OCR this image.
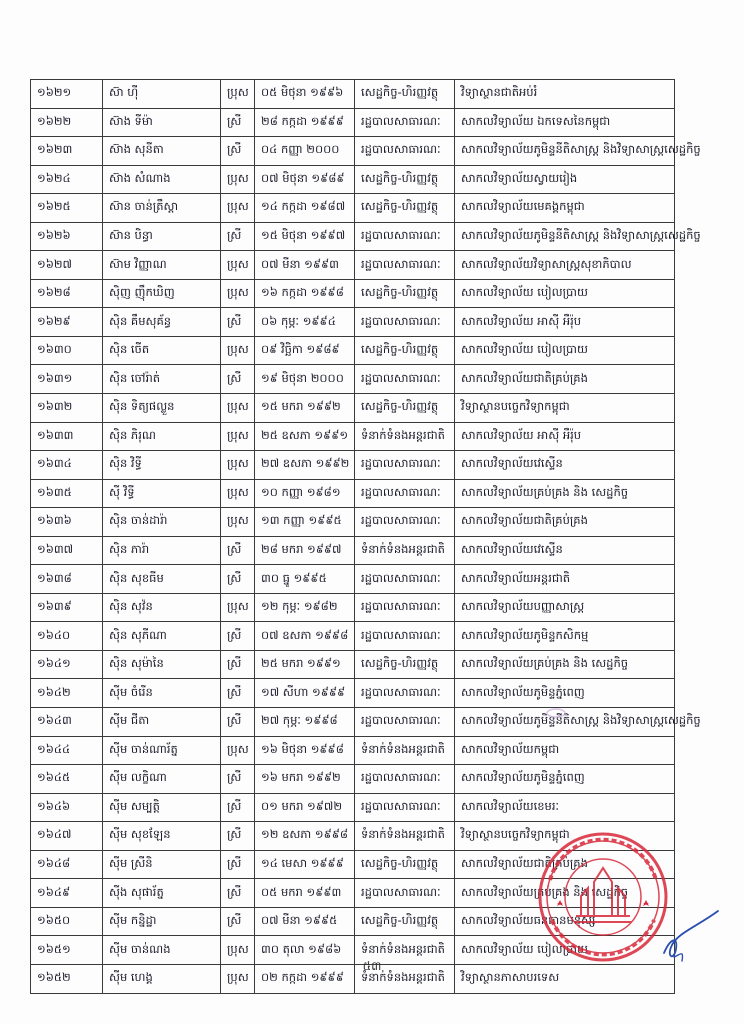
១៦២១	ស៊ា ហ៊ី	ប្រុស	០៥ មិថុនា ១៩៩៦	សេដ្ឋកិច្ច-ហិរញ្ញវត្ថុ	វិទ្យាស្ថានជាតិអប់រំ
១៦២២	ស៊ាង ទីម៉ា	ស្រី	២៨ កក្កដា ១៩៩៩	រដ្ឋបាលសាធារណៈ	សាកលវិទ្យាល័យ ឯកទេសនៃកម្ពុជា
១៦២៣	ស៊ាង សុនីតា	ស្រី	០៤ កញ្ញា ២០០០	រដ្ឋបាលសាធារណៈ	សាកលវិទ្យាល័យភូមិន្ទនីតិសាស្ត្រ និងវិទ្យាសាស្ត្រសេដ្ឋកិច្ច
១៦២៤	ស៊ាង សំណាង	ប្រុស	០៧ មិថុនា ១៩៨៩	សេដ្ឋកិច្ច-ហិរញ្ញវត្ថុ	សាកលវិទ្យាល័យស្វាយរៀង
១៦២៥	ស៊ាន ចាន់ត្រឹស្តា	ប្រុស	១៤ កក្កដា ១៩៨៧	សេដ្ឋកិច្ច-ហិរញ្ញវត្ថុ	សាកលវិទ្យាល័យមេគង្គកម្ពុជា
១៦២៦	ស៊ាន បិន្ធា	ស្រី	១៥ មិថុនា ១៩៩៧	រដ្ឋបាលសាធារណៈ	សាកលវិទ្យាល័យភូមិន្ទនីតិសាស្ត្រ និងវិទ្យាសាស្ត្រសេដ្ឋកិច្ច
១៦២៧	ស៊ាម វិញ្ញាណ	ប្រុស	០៧ មីនា ១៩៩៣	រដ្ឋបាលសាធារណៈ	សាកលវិទ្យាល័យវិទ្យាសាស្ត្រសុខាភិបាល
១៦២៨	ស៊ិញ ញ៉ឹកឃិញ	ប្រុស	១៦ កក្កដា ១៩៩៨	សេដ្ឋកិច្ច-ហិរញ្ញវត្ថុ	សាកលវិទ្យាល័យ បៀលប្រាយ
១៦២៩	ស៊ិន គឹមសុគ័ន្ធ	ស្រី	០៦ កុម្ភៈ ១៩៩៤	រដ្ឋបាលសាធារណៈ	សាកលវិទ្យាល័យ អាស៊ី អឺរ៉ុប
១៦៣០	ស៊ិន ចើត	ប្រុស	០៩ វិច្ឆិកា ១៩៨៩	សេដ្ឋកិច្ច-ហិរញ្ញវត្ថុ	សាកលវិទ្យាល័យ បៀលប្រាយ
១៦៣១	ស៊ិន ចៅរ៉ាត់	ស្រី	១៩ មិថុនា ២០០០	រដ្ឋបាលសាធារណៈ	សាកលវិទ្យាល័យជាតិគ្រប់គ្រង
១៦៣២	ស៊ិន ទិត្យផល្លួន	ប្រុស	១៥ មករា ១៩៩២	សេដ្ឋកិច្ច-ហិរញ្ញវត្ថុ	វិទ្យាស្ថានបច្ចេកវិទ្យាកម្ពុជា
១៦៣៣	ស៊ិន ភិរុណ	ប្រុស	២៥ ឧសភា ១៩៩១	ទំនាក់ទំនងអន្តរជាតិ	សាកលវិទ្យាល័យ អាស៊ី អឺរ៉ុប
១៦៣៤	ស៊ិន វិទ្ធី	ប្រុស	២៧ ឧសភា ១៩៩២	រដ្ឋបាលសាធារណៈ	សាកលវិទ្យាល័យវេស្ទើន
១៦៣៥	ស៊ី វិទ្ធី	ប្រុស	១០ កញ្ញា ១៩៨១	រដ្ឋបាលសាធារណៈ	សាកលវិទ្យាល័យគ្រប់គ្រង និង សេដ្ឋកិច្ច
១៦៣៦	ស៊ិន ចាន់ដារ៉ា	ប្រុស	១៣ កញ្ញា ១៩៩៥	រដ្ឋបាលសាធារណៈ	សាកលវិទ្យាល័យជាតិគ្រប់គ្រង
១៦៣៧	ស៊ិន ភារ៉ា	ស្រី	២៨ មករា ១៩៩៧	ទំនាក់ទំនងអន្តរជាតិ	សាកលវិទ្យាល័យវេស្ទើន
១៦៣៨	ស៊ិន សុខធីម	ស្រី	៣០ ធ្នូ ១៩៩៥	រដ្ឋបាលសាធារណៈ	សាកលវិទ្យាល័យអន្តរជាតិ
១៦៣៩	ស៊ិន សុវ៉ន	ប្រុស	១២ កុម្ភៈ ១៩៨២	រដ្ឋបាលសាធារណៈ	សាកលវិទ្យាល័យបញ្ញាសាស្ត្រ
១៦៤០	ស៊ិន សុភីណា	ស្រី	០៧ ឧសភា ១៩៩៨	រដ្ឋបាលសាធារណៈ	សាកលវិទ្យាល័យភូមិន្ទកសិកម្ម
១៦៤១	ស៊ិន សុម៉ានៃ	ស្រី	២៥ មករា ១៩៩១	សេដ្ឋកិច្ច-ហិរញ្ញវត្ថុ	សាកលវិទ្យាល័យគ្រប់គ្រង និង សេដ្ឋកិច្ច
១៦៤២	ស៊ីម ចំរើន	ស្រី	១៧ សីហា ១៩៩៩	រដ្ឋបាលសាធារណៈ	សាកលវិទ្យាល័យភូមិន្ទភ្នំពេញ
១៦៤៣	ស៊ីម ជីតា	ស្រី	២៧ កុម្ភៈ ១៩៩៨	រដ្ឋបាលសាធារណៈ	សាកលវិទ្យាល័យភូមិន្ទនីតិសាស្ត្រ និងវិទ្យាសាស្ត្រសេដ្ឋកិច្ច
១៦៤៤	ស៊ីម ចាន់ណារ័ត្ន	ប្រុស	១៦ មិថុនា ១៩៩៨	ទំនាក់ទំនងអន្តរជាតិ	សាកលវិទ្យាល័យកម្ពុជា
១៦៤៥	ស៊ីម លក្ខិណា	ស្រី	១៦ មករា ១៩៩២	រដ្ឋបាលសាធារណៈ	សាកលវិទ្យាល័យភូមិន្ទភ្នំពេញ
១៦៤៦	ស៊ីម សម្បត្តិ	ស្រី	០១ មករា ១៩៧២	រដ្ឋបាលសាធារណៈ	សាកលវិទ្យាល័យខេមរៈ
១៦៤៧	ស៊ីម សុខឡែន	ស្រី	១២ ឧសភា ១៩៩៨	ទំនាក់ទំនងអន្តរជាតិ	វិទ្យាស្ថានបច្ចេកវិទ្យាកម្ពុជា
១៦៤៨	ស៊ីម ស្រីនិ	ស្រី	១៤ មេសា ១៩៩៩	សេដ្ឋកិច្ច-ហិរញ្ញវត្ថុ	សាកលវិទ្យាល័យជាតិគ្រប់គ្រង
១៦៤៩	ស៊ីង សុផារ័ត្ន	ស្រី	០៥ មករា ១៩៩៣	រដ្ឋបាលសាធារណៈ	សាកលវិទ្យាល័យគ្រប់គ្រង និង សេដ្ឋកិច្ច
១៦៥០	ស៊ីម កន្និដ្ឋា	ស្រី	០៧ មីនា ១៩៩៥	សេដ្ឋកិច្ច-ហិរញ្ញវត្ថុ	សាកលវិទ្យាល័យធនធានមនុស្ស
១៦៥១	ស៊ីម ចាន់ណង	ប្រុស	៣០ តុលា ១៩៨៦	ទំនាក់ទំនងអន្តរជាតិ	សាកលវិទ្យាល័យ បៀលប្រាយ
១៦៥២	ស៊ីម ហេង្គ	ប្រុស	០២ កក្កដា ១៩៩៩	ទំនាក់ទំនងអន្តរជាតិ	វិទ្យាស្ថានភាសាបរទេស
៥៣
